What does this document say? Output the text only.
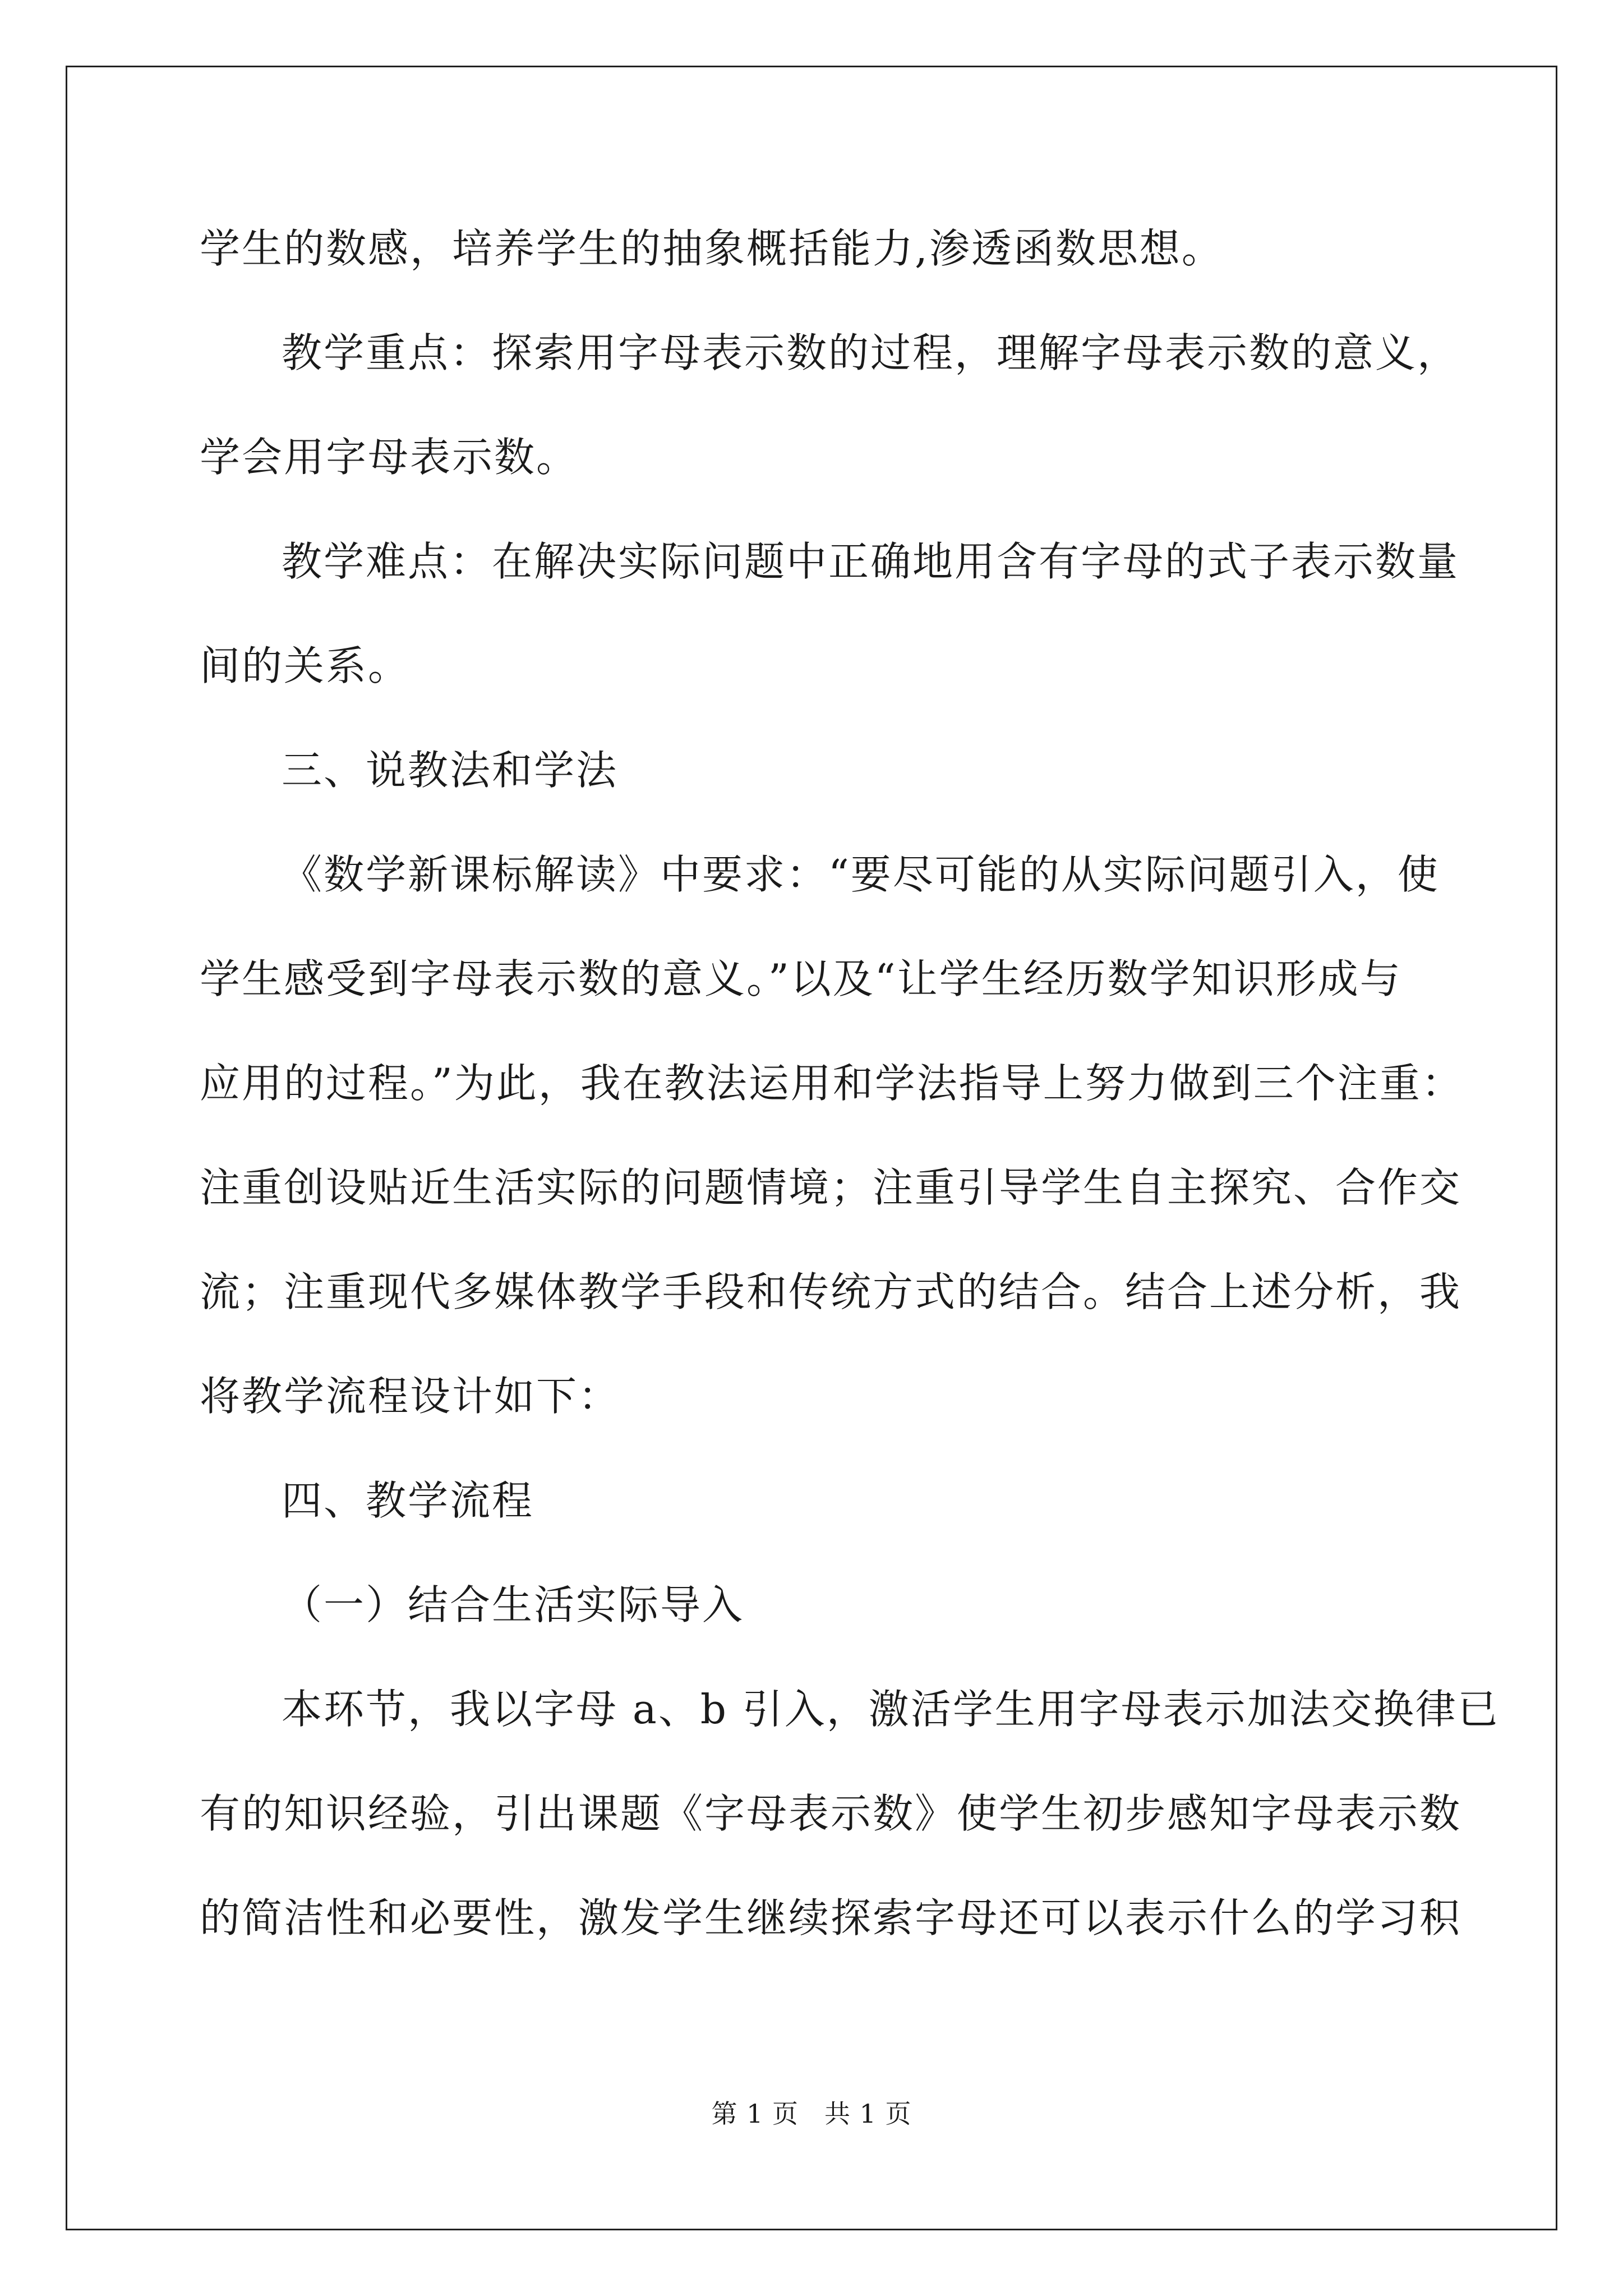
学生的数感，培养学生的抽象概括能力,渗透函数思想。

教学重点：探索用字母表示数的过程，理解字母表示数的意义，

学会用字母表示数。

教学难点：在解决实际问题中正确地用含有字母的式子表示数量

间的关系。

三、说教法和学法

《数学新课标解读》中要求：“要尽可能的从实际问题引入，使

学生感受到字母表示数的意义。”以及“让学生经历数学知识形成与

应用的过程。”为此，我在教法运用和学法指导上努力做到三个注重：

注重创设贴近生活实际的问题情境；注重引导学生自主探究、合作交

流；注重现代多媒体教学手段和传统方式的结合。结合上述分析，我

将教学流程设计如下：

四、教学流程

（一）结合生活实际导入

本环节，我以字母 a、b 引入，激活学生用字母表示加法交换律已

有的知识经验，引出课题《字母表示数》使学生初步感知字母表示数

的简洁性和必要性，激发学生继续探索字母还可以表示什么的学习积

第 1 页 共 1 页
